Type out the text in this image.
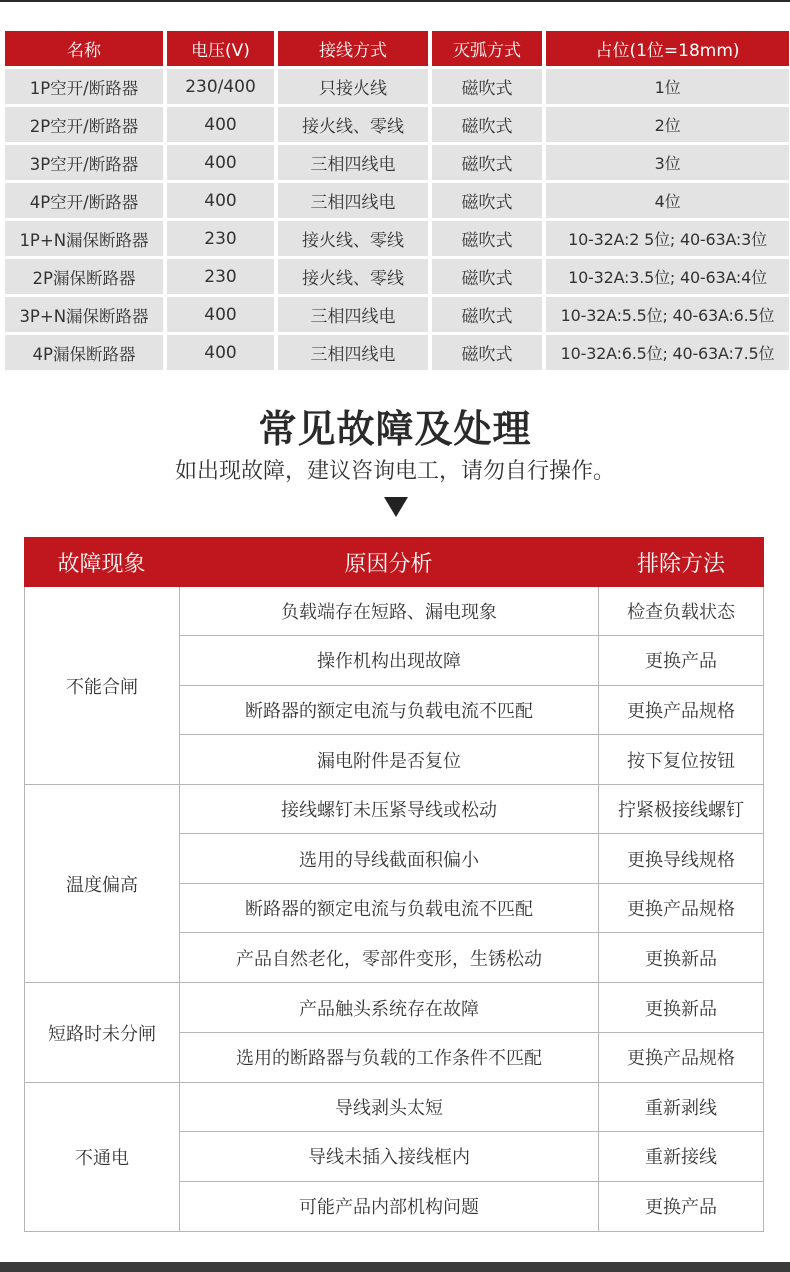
名称	电压(V)	接线方式	灭弧方式	占位(1位=18mm)
1P空开/断路器	230/400	只接火线	磁吹式	1位
2P空开/断路器	400	接火线、零线	磁吹式	2位
3P空开/断路器	400	三相四线电	磁吹式	3位
4P空开/断路器	400	三相四线电	磁吹式	4位
1P+N漏保断路器	230	接火线、零线	磁吹式	10-32A:2 5位; 40-63A:3位
2P漏保断路器	230	接火线、零线	磁吹式	10-32A:3.5位; 40-63A:4位
3P+N漏保断路器	400	三相四线电	磁吹式	10-32A:5.5位; 40-63A:6.5位
4P漏保断路器	400	三相四线电	磁吹式	10-32A:6.5位; 40-63A:7.5位
常见故障及处理
如出现故障，建议咨询电工，请勿自行操作。
故障现象	原因分析	排除方法
不能合闸
负载端存在短路、漏电现象	检查负载状态
操作机构出现故障	更换产品
断路器的额定电流与负载电流不匹配	更换产品规格
漏电附件是否复位	按下复位按钮
温度偏高
接线螺钉未压紧导线或松动	拧紧极接线螺钉
选用的导线截面积偏小	更换导线规格
断路器的额定电流与负载电流不匹配	更换产品规格
产品自然老化，零部件变形，生锈松动	更换新品
短路时未分闸
产品触头系统存在故障	更换新品
选用的断路器与负载的工作条件不匹配	更换产品规格
不通电
导线剥头太短	重新剥线
导线未插入接线框内	重新接线
可能产品内部机构问题	更换产品
